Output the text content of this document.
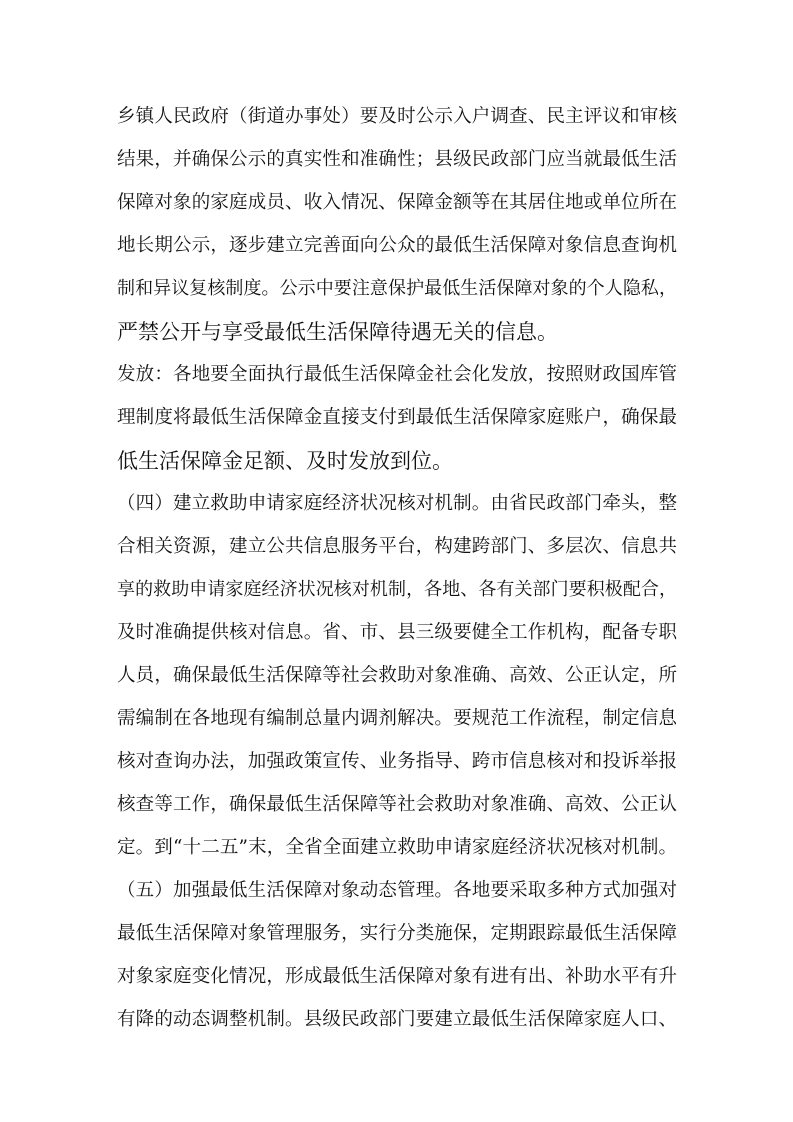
乡镇人民政府（街道办事处）要及时公示入户调查、民主评议和审核
结果，并确保公示的真实性和准确性；县级民政部门应当就最低生活
保障对象的家庭成员、收入情况、保障金额等在其居住地或单位所在
地长期公示，逐步建立完善面向公众的最低生活保障对象信息查询机
制和异议复核制度。公示中要注意保护最低生活保障对象的个人隐私，
严禁公开与享受最低生活保障待遇无关的信息。
发放：各地要全面执行最低生活保障金社会化发放，按照财政国库管
理制度将最低生活保障金直接支付到最低生活保障家庭账户，确保最
低生活保障金足额、及时发放到位。
（四）建立救助申请家庭经济状况核对机制。由省民政部门牵头，整
合相关资源，建立公共信息服务平台，构建跨部门、多层次、信息共
享的救助申请家庭经济状况核对机制，各地、各有关部门要积极配合，
及时准确提供核对信息。省、市、县三级要健全工作机构，配备专职
人员，确保最低生活保障等社会救助对象准确、高效、公正认定，所
需编制在各地现有编制总量内调剂解决。要规范工作流程，制定信息
核对查询办法，加强政策宣传、业务指导、跨市信息核对和投诉举报
核查等工作，确保最低生活保障等社会救助对象准确、高效、公正认
定。到“十二五”末，全省全面建立救助申请家庭经济状况核对机制。
（五）加强最低生活保障对象动态管理。各地要采取多种方式加强对
最低生活保障对象管理服务，实行分类施保，定期跟踪最低生活保障
对象家庭变化情况，形成最低生活保障对象有进有出、补助水平有升
有降的动态调整机制。县级民政部门要建立最低生活保障家庭人口、
